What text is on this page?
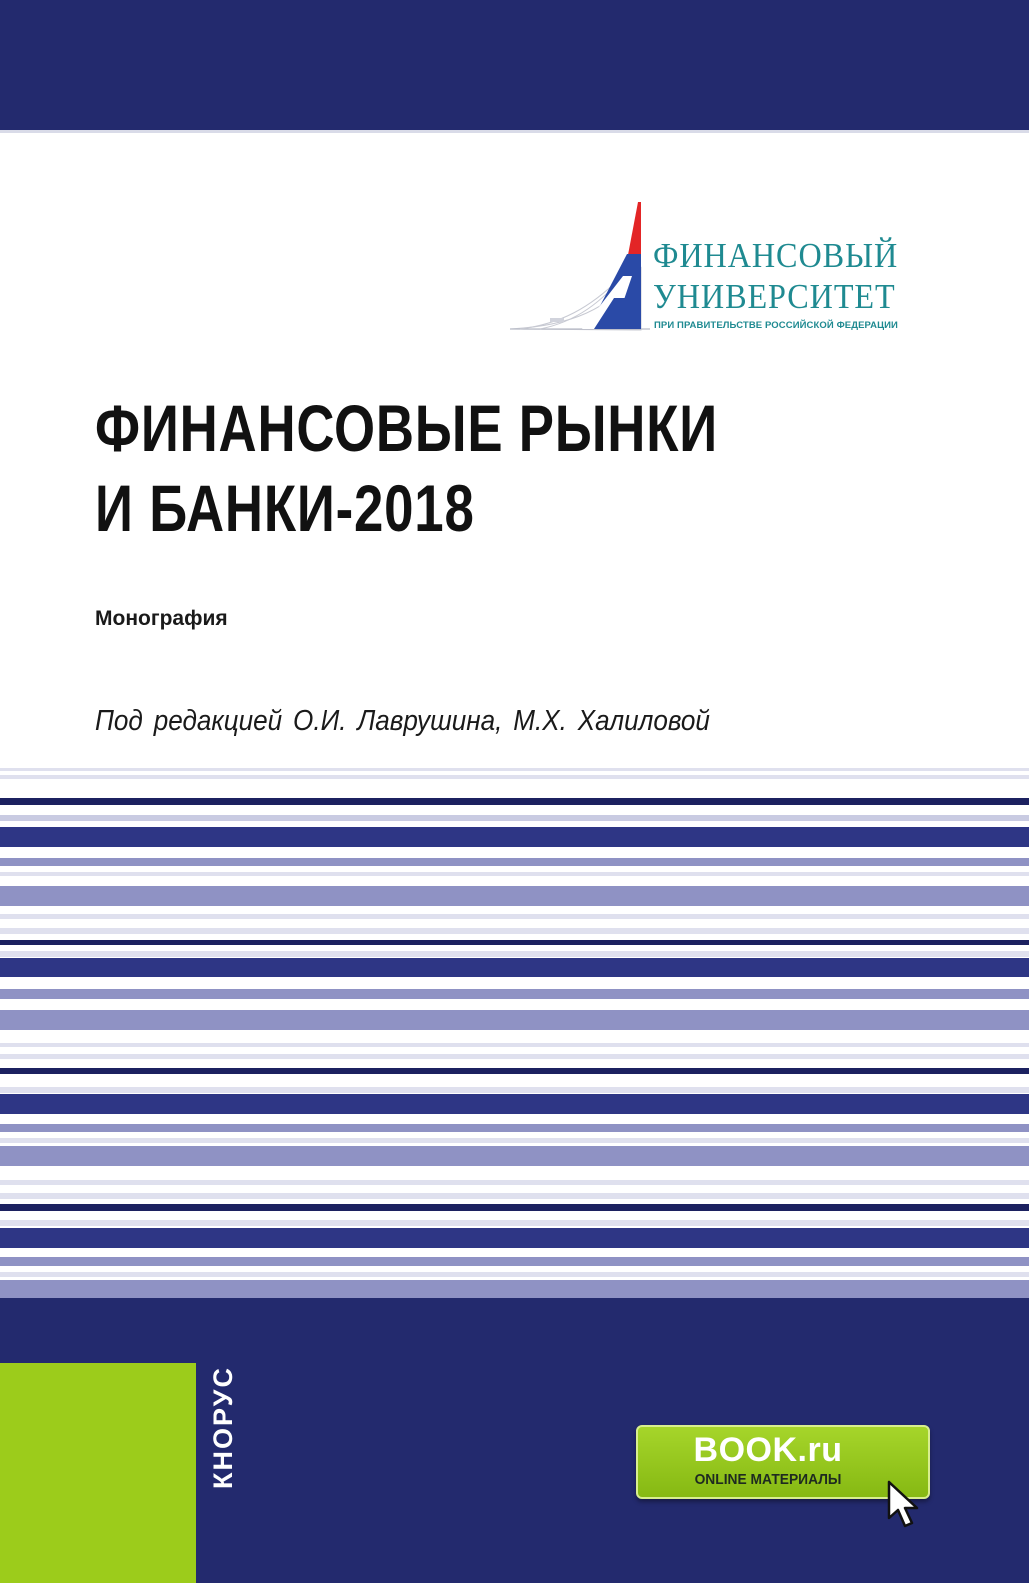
ФИНАНСОВЫЙ
УНИВЕРСИТЕТ
ПРИ ПРАВИТЕЛЬСТВЕ РОССИЙСКОЙ ФЕДЕРАЦИИ
ФИНАНСОВЫЕ РЫНКИ
И БАНКИ-2018
Монография
Под редакцией О.И. Лаврушина, М.Х. Халиловой
КНОРУС	BOOK.ru
ONLINE МАТЕРИАЛЫ
